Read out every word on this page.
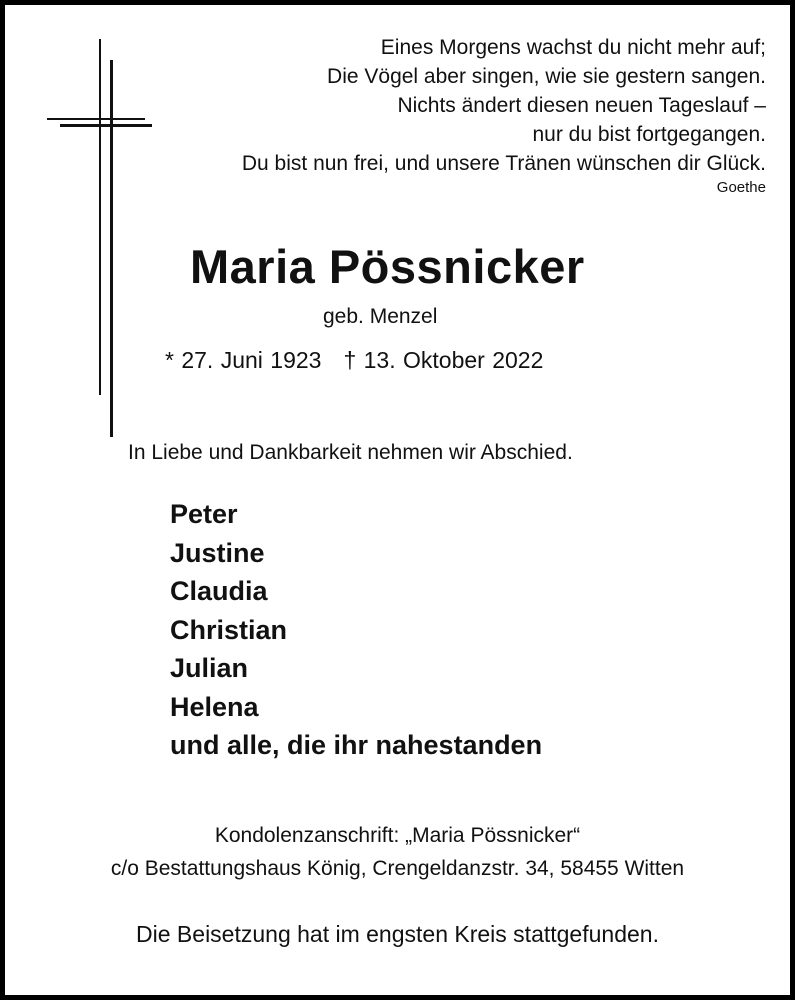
Eines Morgens wachst du nicht mehr auf;
Die Vögel aber singen, wie sie gestern sangen.
Nichts ändert diesen neuen Tageslauf –
nur du bist fortgegangen.
Du bist nun frei, und unsere Tränen wünschen dir Glück.
Goethe
Maria Pössnicker
geb. Menzel
* 27. Juni 1923 † 13. Oktober 2022
In Liebe und Dankbarkeit nehmen wir Abschied.
Peter
Justine
Claudia
Christian
Julian
Helena
und alle, die ihr nahestanden
Kondolenzanschrift: „Maria Pössnicker“
c/o Bestattungshaus König, Crengeldanzstr. 34, 58455 Witten
Die Beisetzung hat im engsten Kreis stattgefunden.
